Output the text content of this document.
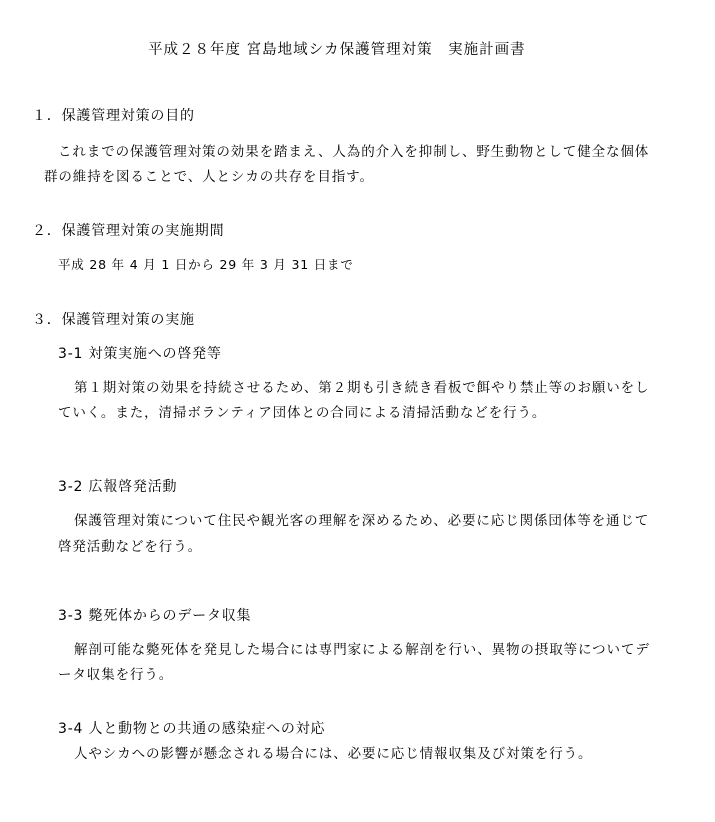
平成２８年度 宮島地域シカ保護管理対策　実施計画書
１．保護管理対策の目的
これまでの保護管理対策の効果を踏まえ、人為的介入を抑制し、野生動物として健全な個体
群の維持を図ることで、人とシカの共存を目指す。
２．保護管理対策の実施期間
平成 28 年 4 月 1 日から 29 年 3 月 31 日まで
３．保護管理対策の実施
3-1 対策実施への啓発等
第１期対策の効果を持続させるため、第２期も引き続き看板で餌やり禁止等のお願いをし
ていく。また，清掃ボランティア団体との合同による清掃活動などを行う。
3-2 広報啓発活動
保護管理対策について住民や観光客の理解を深めるため、必要に応じ関係団体等を通じて
啓発活動などを行う。
3-3 斃死体からのデータ収集
解剖可能な斃死体を発見した場合には専門家による解剖を行い、異物の摂取等についてデ
ータ収集を行う。
3-4 人と動物との共通の感染症への対応
人やシカへの影響が懸念される場合には、必要に応じ情報収集及び対策を行う。
